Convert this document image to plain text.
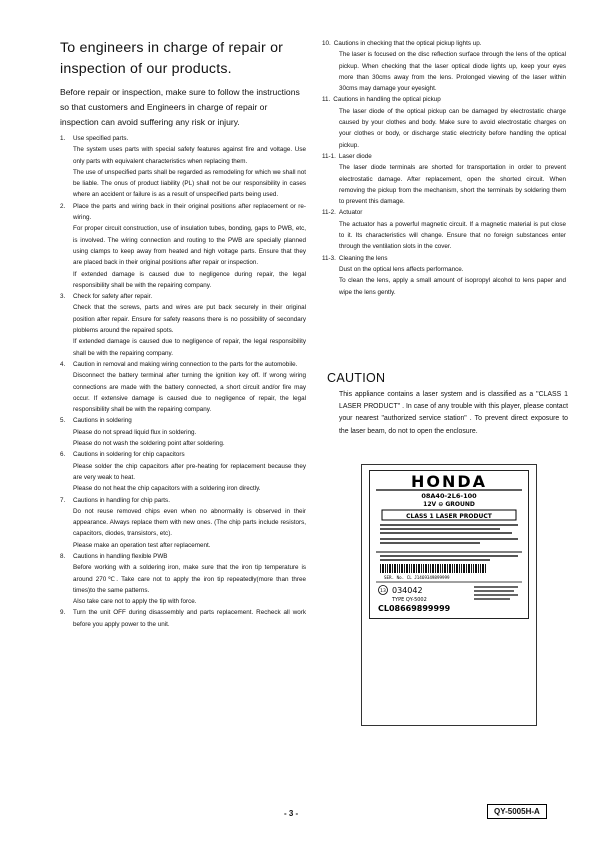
To engineers in charge of repair or inspection of our products.

Before repair or inspection, make sure to follow the instructions so that customers and Engineers in charge of repair or inspection can avoid suffering any risk or injury.

1.	Use specified parts.

The system uses parts with special safety features against fire and voltage. Use only parts with equivalent characteristics when replacing them.

The use of unspecified parts shall be regarded as remodeling for which we shall not be liable. The onus of product liability (PL) shall not be our responsibility in cases where an accident or failure is as a result of unspecified parts being used.

2.	Place the parts and wiring back in their original positions after replacement or re-wiring.

For proper circuit construction, use of insulation tubes, bonding, gaps to PWB, etc, is involved. The wiring connection and routing to the PWB are specially planned using clamps to keep away from heated and high voltage parts. Ensure that they are placed back in their original positions after repair or inspection.

If extended damage is caused due to negligence during repair, the legal responsibility shall be with the repairing company.

3.	Check for safety after repair.

Check that the screws, parts and wires are put back securely in their original position after repair. Ensure for safety reasons there is no possibility of secondary ploblems around the repaired spots.

If extended damage is caused due to negligence of repair, the legal responsibility shall be with the repairing company.

4.	Caution in removal and making wiring connection to the parts for the automobile.

Disconnect the battery terminal after turning the ignition key off. If wrong wiring connections are made with the battery connected, a short circuit and/or fire may occur. If extensive damage is caused due to negligence of repair, the legal responsibility shall be with the repairing company.

5.	Cautions in soldering

Please do not spread liquid flux in soldering.

Please do not wash the soldering point after soldering.

6.	Cautions in soldering for chip capacitors

Please solder the chip capacitors after pre-heating for replacement because they are very weak to heat.

Please do not heat the chip capacitors with a soldering iron directly.

7.	Cautions in handling for chip parts.

Do not reuse removed chips even when no abnormality is observed in their appearance. Always replace them with new ones. (The chip parts include resistors, capacitors, diodes, transistors, etc).

Please make an operation test after replacement.

8.	Cautions in handling flexible PWB

Before working with a soldering iron, make sure that the iron tip temperature is around 270℃. Take care not to apply the iron tip repeatedly(more than three times)to the same patterns.

Also take care not to apply the tip with force.

9.	Turn the unit OFF during disassembly and parts replacement. Recheck all work before you apply power to the unit.

10. Cautions in checking that the optical pickup lights up.

The laser is focused on the disc reflection surface through the lens of the optical pickup. When checking that the laser optical diode lights up, keep your eyes more than 30cms away from the lens. Prolonged viewing of the laser within 30cms may damage your eyesight.

11. Cautions in handling the optical pickup

The laser diode of the optical pickup can be damaged by electrostatic charge caused by your clothes and body. Make sure to avoid electrostatic charges on your clothes or body, or discharge static electricity before handling the optical pickup.

11-1. Laser diode

The laser diode terminals are shorted for transportation in order to prevent electrostatic damage. After replacement, open the shorted circuit. When removing the pickup from the mechanism, short the terminals by soldering them to prevent this damage.

11-2. Actuator

The actuator has a powerful magnetic circuit. If a magnetic material is put close to it. Its characteristics will change. Ensure that no foreign substances enter through the ventilation slots in the cover.

11-3. Cleaning the lens

Dust on the optical lens affects performance.

To clean the lens, apply a small amount of isopropyl alcohol to lens paper and wipe the lens gently.

CAUTION
This appliance contains a laser system and is classified as a "CLASS 1 LASER PRODUCT" . In case of any trouble with this player, please contact your nearest "authorized service station" . To prevent direct exposure to the laser beam, do not to open the enclosure.
HONDA
08A40-2L6-100
12V ⊖ GROUND
CLASS 1 LASER PRODUCT
SER. No. CL J1469349899999
13 034042
TYPE QY-5002
CL08669899999
- 3 -	QY-5005H-A
